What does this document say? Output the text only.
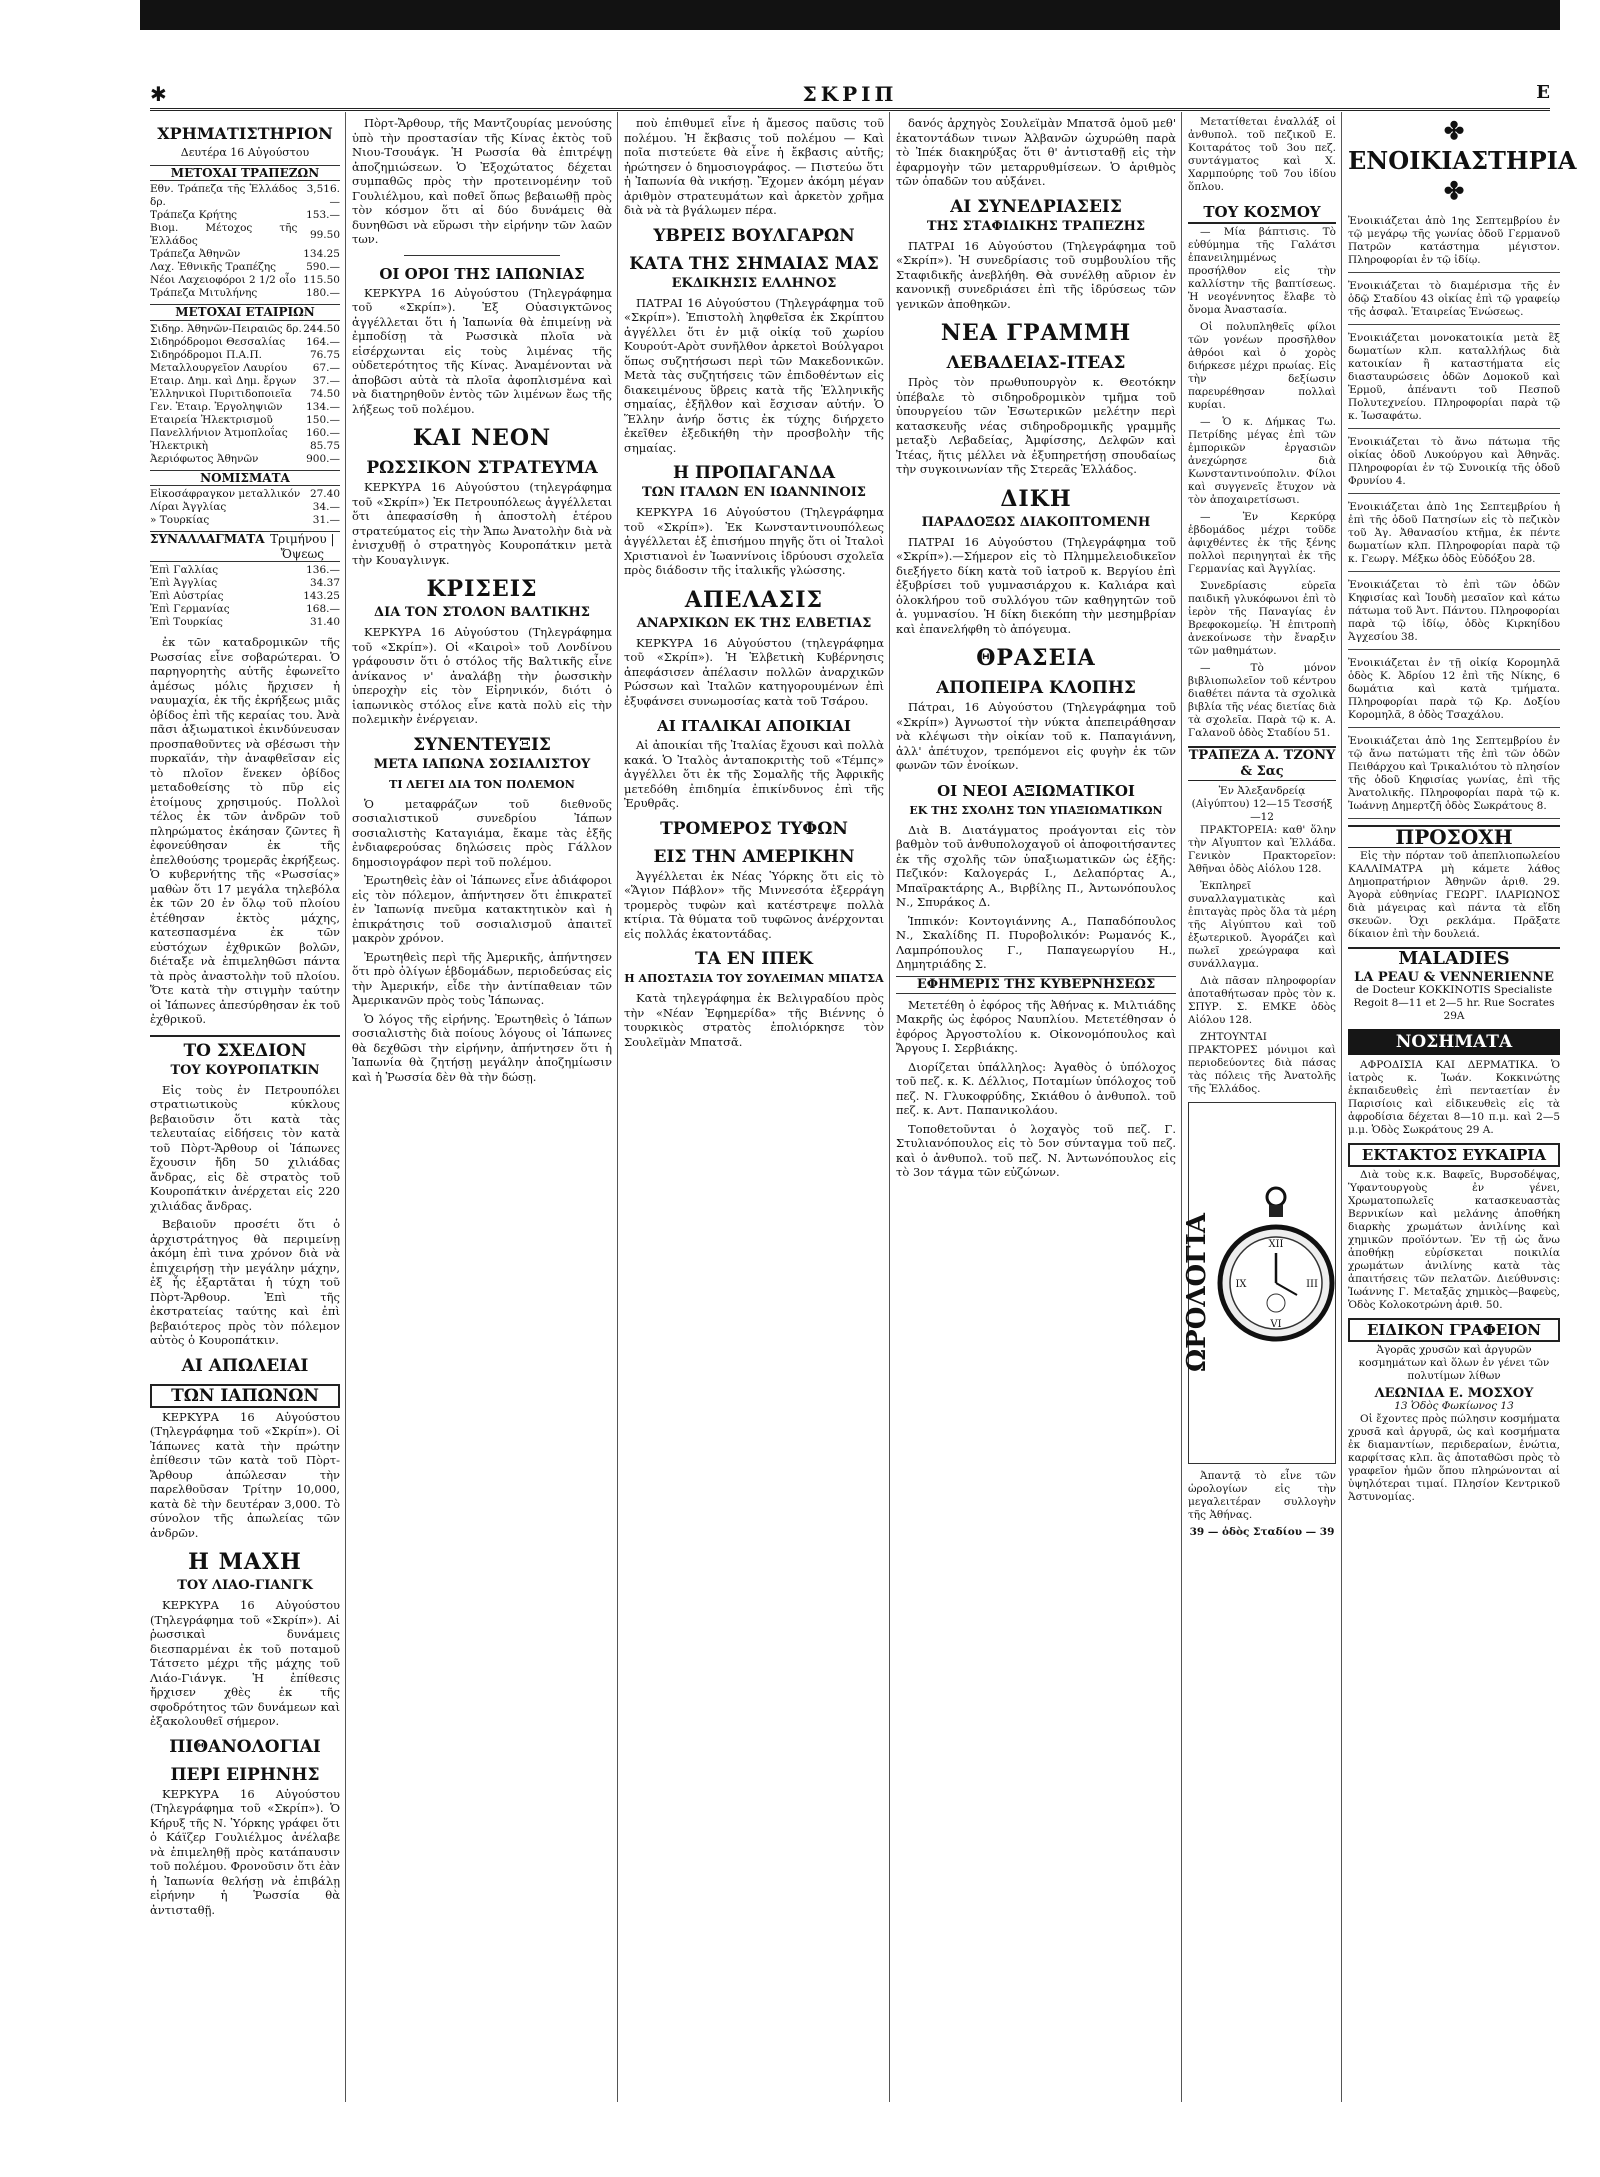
✱	ΣΚΡΙΠ	Ε
ΧΡΗΜΑΤΙΣΤΗΡΙΟΝ
Δευτέρα 16 Αὐγούστου
ΜΕΤΟΧΑΙ ΤΡΑΠΕΖΩΝ
Εθν. Τράπεζα τῆς Ἑλλάδος δρ.	3,516.—
Τράπεζα Κρήτης	153.—
Βιομ. Μέτοχος τῆς Ἑλλάδος	99.50
Τράπεζα Ἀθηνῶν	134.25
Λαχ. Ἐθνικῆς Τραπέζης	590.—
Νέοι Λαχειοφόροι 2 1/2 οἷο	115.50
Τράπεζα Μιτυλήνης	180.—
ΜΕΤΟΧΑΙ ΕΤΑΙΡΙΩΝ
Σιδηρ. Ἀθηνῶν-Πειραιῶς δρ.	244.50
Σιδηρόδρομοι Θεσσαλίας	164.—
Σιδηρόδρομοι Π.Α.Π.	76.75
Μεταλλουργεῖον Λαυρίου	67.—
Εταιρ. Δημ. καὶ Δημ. ἔργων	37.—
Ἑλληνικοὶ Πυριτιδοποιεῖα	74.50
Γεν. Ἑταιρ. Ἐργοληψιῶν	134.—
Εταιρεία Ἠλεκτρισμοῦ	150.—
Πανελλήνιον Ἀτμοπλοΐας	160.—
Ἠλεκτρικὴ	85.75
Ἀεριόφωτος Ἀθηνῶν	900.—
ΝΟΜΙΣΜΑΤΑ
Εἰκοσάφραγκον μεταλλικόν	27.40
Λίραι Ἀγγλίας	34.—
» Τουρκίας	31.—
ΣΥΝΑΛΛΑΓΜΑΤΑ Τριμήνου | Ὄψεως
Ἐπὶ Γαλλίας	136.—
Ἐπὶ Ἀγγλίας	34.37
Ἐπὶ Αὐστρίας	143.25
Ἐπὶ Γερμανίας	168.—
Ἐπὶ Τουρκίας	31.40

ἐκ τῶν καταδρομικῶν τῆς Ρωσσίας εἶνε σοβαρώτεραι. Ὁ παρηγορητὴς αὐτῆς ἐφωνεῖτο ἀμέσως μόλις ἤρχισεν ἡ ναυμαχία, ἐκ τῆς ἐκρήξεως μιᾶς ὀβίδος ἐπὶ τῆς κεραίας του. Ἀνὰ πᾶσι ἀξιωματικοὶ ἐκινδύνευσαν προσπαθοῦντες νὰ σβέσωσι τὴν πυρκαϊάν, τὴν ἀναφθεῖσαν εἰς τὸ πλοῖον ἕνεκεν ὀβίδος μεταδοθείσης τὸ πῦρ εἰς ἑτοίμους χρησιμούς. Πολλοὶ τέλος ἐκ τῶν ἀνδρῶν τοῦ πληρώματος ἐκάησαν ζῶντες ἢ ἐφονεύθησαν ἐκ τῆς ἐπελθούσης τρομερᾶς ἐκρήξεως. Ὁ κυβερνήτης τῆς «Ρωσσίας» μαθὼν ὅτι 17 μεγάλα τηλεβόλα ἐκ τῶν 20 ἐν ὅλῳ τοῦ πλοίου ἐτέθησαν ἐκτὸς μάχης, κατεσπασμένα ἐκ τῶν εὐστόχων ἐχθρικῶν βολῶν, διέταξε νὰ ἐπιμεληθῶσι πάντα τὰ πρὸς ἀναστολὴν τοῦ πλοίου. Ὅτε κατὰ τὴν στιγμὴν ταύτην οἱ Ἰάπωνες ἀπεσύρθησαν ἐκ τοῦ ἐχθρικοῦ.

ΤΟ ΣΧΕΔΙΟΝ
ΤΟΥ ΚΟΥΡΟΠΑΤΚΙΝ

Εἰς τοὺς ἐν Πετρουπόλει στρατιωτικοὺς κύκλους βεβαιοῦσιν ὅτι κατὰ τὰς τελευταίας εἰδήσεις τὸν κατὰ τοῦ Πὸρτ-Ἄρθουρ οἱ Ἰάπωνες ἔχουσιν ἤδη 50 χιλιάδας ἄνδρας, εἰς δὲ στρατὸς τοῦ Κουροπάτκιν ἀνέρχεται εἰς 220 χιλιάδας ἄνδρας.

Βεβαιοῦν προσέτι ὅτι ὁ ἀρχιστράτηγος θὰ περιμείνῃ ἀκόμη ἐπὶ τινα χρόνον διὰ νὰ ἐπιχειρήσῃ τὴν μεγάλην μάχην, ἐξ ἧς ἐξαρτᾶται ἡ τύχη τοῦ Πὸρτ-Ἄρθουρ. Ἐπὶ τῆς ἐκστρατείας ταύτης καὶ ἐπὶ βεβαιότερος πρὸς τὸν πόλεμον αὐτὸς ὁ Κουροπάτκιν.

ΑΙ ΑΠΩΛΕΙΑΙ
ΤΩΝ ΙΑΠΩΝΩΝ

ΚΕΡΚΥΡΑ 16 Αὐγούστου (Τηλεγράφημα τοῦ «Σκρίπ»). Οἱ Ἰάπωνες κατὰ τὴν πρώτην ἐπίθεσιν τῶν κατὰ τοῦ Πὸρτ-Ἄρθουρ ἀπώλεσαν τὴν παρελθοῦσαν Τρίτην 10,000, κατὰ δὲ τὴν δευτέραν 3,000. Τὸ σύνολον τῆς ἀπωλείας τῶν ἀνδρῶν.

Η ΜΑΧΗ
ΤΟΥ ΛΙΑΟ-ΓΙΑΝΓΚ

ΚΕΡΚΥΡΑ 16 Αὐγούστου (Τηλεγράφημα τοῦ «Σκρίπ»). Αἱ ῥωσσικαὶ δυνάμεις διεσπαρμέναι ἐκ τοῦ ποταμοῦ Τάτσετο μέχρι τῆς μάχης τοῦ Λιάο-Γιάνγκ. Ἡ ἐπίθεσις ἤρχισεν χθὲς ἐκ τῆς σφοδρότητος τῶν δυνάμεων καὶ ἐξακολουθεῖ σήμερον.

ΠΙΘΑΝΟΛΟΓΙΑΙ
ΠΕΡΙ ΕΙΡΗΝΗΣ

ΚΕΡΚΥΡΑ 16 Αὐγούστου (Τηλεγράφημα τοῦ «Σκρίπ»). Ὁ Κήρυξ τῆς Ν. Ὑόρκης γράφει ὅτι ὁ Κάϊζερ Γουλιέλμος ἀνέλαβε νὰ ἐπιμεληθῇ πρὸς κατάπαυσιν τοῦ πολέμου. Φρονοῦσιν ὅτι ἐὰν ἡ Ἰαπωνία θελήσῃ νὰ ἐπιβάλῃ εἰρήνην ἡ Ῥωσσία θὰ ἀντισταθῇ.

Πὸρτ-Ἄρθουρ, τῆς Μαντζουρίας μενούσης ὑπὸ τὴν προστασίαν τῆς Κίνας ἐκτὸς τοῦ Νιου-Τσουάγκ. Ἡ Ρωσσία θὰ ἐπιτρέψῃ ἀποζημιώσεων. Ὁ Ἐξοχώτατος δέχεται συμπαθῶς πρὸς τὴν προτεινομένην τοῦ Γουλιέλμου, καὶ ποθεῖ ὅπως βεβαιωθῇ πρὸς τὸν κόσμον ὅτι αἱ δύο δυνάμεις θὰ δυνηθῶσι νὰ εὕρωσι τὴν εἰρήνην τῶν λαῶν των.

ΟΙ ΟΡΟΙ ΤΗΣ ΙΑΠΩΝΙΑΣ

ΚΕΡΚΥΡΑ 16 Αὐγούστου (Τηλεγράφημα τοῦ «Σκρίπ»). Ἐξ Οὐασιγκτῶνος ἀγγέλλεται ὅτι ἡ Ἰαπωνία θὰ ἐπιμείνῃ νὰ ἐμποδίσῃ τὰ Ρωσσικὰ πλοῖα νὰ εἰσέρχωνται εἰς τοὺς λιμένας τῆς οὐδετερότητος τῆς Κίνας. Ἀναμένονται νὰ ἀποβῶσι αὐτὰ τὰ πλοῖα ἀφοπλισμένα καὶ νὰ διατηρηθοῦν ἐντὸς τῶν λιμένων ἕως τῆς λήξεως τοῦ πολέμου.

ΚΑΙ ΝΕΟΝ
ΡΩΣΣΙΚΟΝ ΣΤΡΑΤΕΥΜΑ

ΚΕΡΚΥΡΑ 16 Αὐγούστου (τηλεγράφημα τοῦ «Σκρίπ») Ἐκ Πετρουπόλεως ἀγγέλλεται ὅτι ἀπεφασίσθη ἡ ἀποστολὴ ἑτέρου στρατεύματος εἰς τὴν Ἄπω Ἀνατολὴν διὰ νὰ ἐνισχυθῇ ὁ στρατηγὸς Κουροπάτκιν μετὰ τὴν Κουαγλινγκ.

ΚΡΙΣΕΙΣ
ΔΙΑ ΤΟΝ ΣΤΟΛΟΝ ΒΑΛΤΙΚΗΣ

ΚΕΡΚΥΡΑ 16 Αὐγούστου (Τηλεγράφημα τοῦ «Σκρίπ»). Οἱ «Καιροὶ» τοῦ Λονδίνου γράφουσιν ὅτι ὁ στόλος τῆς Βαλτικῆς εἶνε ἀνίκανος ν' ἀναλάβῃ τὴν ῥωσσικὴν ὑπεροχὴν εἰς τὸν Εἰρηνικόν, διότι ὁ ἰαπωνικὸς στόλος εἶνε κατὰ πολὺ εἰς τὴν πολεμικὴν ἐνέργειαν.

ΣΥΝΕΝΤΕΥΞΙΣ
ΜΕΤΑ ΙΑΠΩΝΑ ΣΟΣΙΑΛΙΣΤΟΥ
ΤΙ ΛΕΓΕΙ ΔΙΑ ΤΟΝ ΠΟΛΕΜΟΝ

Ὁ μεταφράζων τοῦ διεθνοῦς σοσιαλιστικοῦ συνεδρίου Ἰάπων σοσιαλιστὴς Καταγιάμα, ἔκαμε τὰς ἑξῆς ἐνδιαφερούσας δηλώσεις πρὸς Γάλλον δημοσιογράφον περὶ τοῦ πολέμου.

Ἐρωτηθεὶς ἐὰν οἱ Ἰάπωνες εἶνε ἀδιάφοροι εἰς τὸν πόλεμον, ἀπήντησεν ὅτι ἐπικρατεῖ ἐν Ἰαπωνίᾳ πνεῦμα κατακτητικὸν καὶ ἡ ἐπικράτησις τοῦ σοσιαλισμοῦ ἀπαιτεῖ μακρὸν χρόνον.

Ἐρωτηθεὶς περὶ τῆς Ἀμερικῆς, ἀπήντησεν ὅτι πρὸ ὀλίγων ἑβδομάδων, περιοδεύσας εἰς τὴν Ἀμερικήν, εἶδε τὴν ἀντίπαθειαν τῶν Ἀμερικανῶν πρὸς τοὺς Ἰάπωνας.

Ὁ λόγος τῆς εἰρήνης. Ἐρωτηθεὶς ὁ Ἰάπων σοσιαλιστὴς διὰ ποίους λόγους οἱ Ἰάπωνες θὰ δεχθῶσι τὴν εἰρήνην, ἀπήντησεν ὅτι ἡ Ἰαπωνία θὰ ζητήσῃ μεγάλην ἀποζημίωσιν καὶ ἡ Ῥωσσία δὲν θὰ τὴν δώσῃ.

ποὺ ἐπιθυμεῖ εἶνε ἡ ἄμεσος παῦσις τοῦ πολέμου. Ἡ ἔκβασις τοῦ πολέμου — Καὶ ποῖα πιστεύετε θὰ εἶνε ἡ ἔκβασις αὐτῆς; ἠρώτησεν ὁ δημοσιογράφος. — Πιστεύω ὅτι ἡ Ἰαπωνία θὰ νικήσῃ. Ἔχομεν ἀκόμη μέγαν ἀριθμὸν στρατευμάτων καὶ ἀρκετὸν χρῆμα διὰ νὰ τὰ βγάλωμεν πέρα.

ΥΒΡΕΙΣ ΒΟΥΛΓΑΡΩΝ
ΚΑΤΑ ΤΗΣ ΣΗΜΑΙΑΣ ΜΑΣ
ΕΚΔΙΚΗΣΙΣ ΕΛΛΗΝΟΣ

ΠΑΤΡΑΙ 16 Αὐγούστου (Τηλεγράφημα τοῦ «Σκρίπ»). Ἐπιστολὴ ληφθεῖσα ἐκ Σκρίπτου ἀγγέλλει ὅτι ἐν μιᾷ οἰκίᾳ τοῦ χωρίου Κουρούτ-Αρὸτ συνῆλθον ἀρκετοὶ Βούλγαροι ὅπως συζητήσωσι περὶ τῶν Μακεδονικῶν. Μετὰ τὰς συζητήσεις τῶν ἐπιδοθέντων εἰς διακειμένους ὕβρεις κατὰ τῆς Ἑλληνικῆς σημαίας, ἐξῆλθον καὶ ἔσχισαν αὐτήν. Ὁ Ἕλλην ἀνήρ ὅστις ἐκ τύχης διήρχετο ἐκεῖθεν ἐξεδικήθη τὴν προσβολὴν τῆς σημαίας.

Η ΠΡΟΠΑΓΑΝΔΑ
ΤΩΝ ΙΤΑΛΩΝ ΕΝ ΙΩΑΝΝΙΝΟΙΣ

ΚΕΡΚΥΡΑ 16 Αὐγούστου (Τηλεγράφημα τοῦ «Σκρίπ»). Ἐκ Κωνσταντινουπόλεως ἀγγέλλεται ἐξ ἐπισήμου πηγῆς ὅτι οἱ Ἰταλοὶ Χριστιανοὶ ἐν Ἰωαννίνοις ἱδρύουσι σχολεῖα πρὸς διάδοσιν τῆς ἰταλικῆς γλώσσης.

ΑΠΕΛΑΣΙΣ
ΑΝΑΡΧΙΚΩΝ ΕΚ ΤΗΣ ΕΛΒΕΤΙΑΣ

ΚΕΡΚΥΡΑ 16 Αὐγούστου (τηλεγράφημα τοῦ «Σκρίπ»). Ἡ Ἑλβετικὴ Κυβέρνησις ἀπεφάσισεν ἀπέλασιν πολλῶν ἀναρχικῶν Ρώσσων καὶ Ἰταλῶν κατηγορουμένων ἐπὶ ἐξυφάνσει συνωμοσίας κατὰ τοῦ Τσάρου.

ΑΙ ΙΤΑΛΙΚΑΙ ΑΠΟΙΚΙΑΙ

Αἱ ἀποικίαι τῆς Ἰταλίας ἔχουσι καὶ πολλὰ κακά. Ὁ Ἰταλὸς ἀνταποκριτὴς τοῦ «Τέμπς» ἀγγέλλει ὅτι ἐκ τῆς Σομαλῆς τῆς Ἀφρικῆς μετεδόθη ἐπιδημία ἐπικίνδυνος ἐπὶ τῆς Ἐρυθρᾶς.

ΤΡΟΜΕΡΟΣ ΤΥΦΩΝ
ΕΙΣ ΤΗΝ ΑΜΕΡΙΚΗΝ

Ἀγγέλλεται ἐκ Νέας Ὑόρκης ὅτι εἰς τὸ «Ἅγιον Πάβλον» τῆς Μιννεσότα ἐξερράγη τρομερὸς τυφὼν καὶ κατέστρεψε πολλὰ κτίρια. Τὰ θύματα τοῦ τυφῶνος ἀνέρχονται εἰς πολλάς ἑκατοντάδας.

ΤΑ ΕΝ ΙΠΕΚ
Η ΑΠΟΣΤΑΣΙΑ ΤΟΥ ΣΟΥΛΕΙΜΑΝ ΜΠΑΤΣΑ

Κατὰ τηλεγράφημα ἐκ Βελιγραδίου πρὸς τὴν «Νέαν Ἐφημερίδα» τῆς Βιέννης ὁ τουρκικὸς στρατὸς ἐπολιόρκησε τὸν Σουλεϊμὰν Μπατσᾶ.

δανός ἀρχηγὸς Σουλεϊμὰν Μπατσᾶ ὁμοῦ μεθ' ἑκατοντάδων τινων Ἀλβανῶν ὠχυρώθη παρὰ τὸ Ἰπέκ διακηρύξας ὅτι θ' ἀντισταθῇ εἰς τὴν ἐφαρμογὴν τῶν μεταρρυθμίσεων. Ὁ ἀριθμὸς τῶν ὀπαδῶν του αὐξάνει.

ΑΙ ΣΥΝΕΔΡΙΑΣΕΙΣ
ΤΗΣ ΣΤΑΦΙΔΙΚΗΣ ΤΡΑΠΕΖΗΣ

ΠΑΤΡΑΙ 16 Αὐγούστου (Τηλεγράφημα τοῦ «Σκρίπ»). Ἡ συνεδρίασις τοῦ συμβουλίου τῆς Σταφιδικῆς ἀνεβλήθη. Θὰ συνέλθῃ αὔριον ἐν κανονικῇ συνεδριάσει ἐπὶ τῆς ἱδρύσεως τῶν γενικῶν ἀποθηκῶν.

ΝΕΑ ΓΡΑΜΜΗ
ΛΕΒΑΔΕΙΑΣ-ΙΤΕΑΣ

Πρὸς τὸν πρωθυπουργὸν κ. Θεοτόκην ὑπέβαλε τὸ σιδηροδρομικὸν τμῆμα τοῦ ὑπουργείου τῶν Ἐσωτερικῶν μελέτην περὶ κατασκευῆς νέας σιδηροδρομικῆς γραμμῆς μεταξὺ Λεβαδείας, Ἀμφίσσης, Δελφῶν καὶ Ἰτέας, ἥτις μέλλει νὰ ἐξυπηρετήσῃ σπουδαίως τὴν συγκοινωνίαν τῆς Στερεᾶς Ἑλλάδος.

ΔΙΚΗ
ΠΑΡΑΔΟΞΩΣ ΔΙΑΚΟΠΤΟΜΕΝΗ

ΠΑΤΡΑΙ 16 Αὐγούστου (Τηλεγράφημα τοῦ «Σκρίπ»).—Σήμερον εἰς τὸ Πλημμελειοδικεῖον διεξήγετο δίκη κατὰ τοῦ ἰατροῦ κ. Βεργίου ἐπὶ ἐξυβρίσει τοῦ γυμνασιάρχου κ. Καλιάρα καὶ ὁλοκλήρου τοῦ συλλόγου τῶν καθηγητῶν τοῦ ἀ. γυμνασίου. Ἡ δίκη διεκόπη τὴν μεσημβρίαν καὶ ἐπανελήφθη τὸ ἀπόγευμα.

ΘΡΑΣΕΙΑ
ΑΠΟΠΕΙΡΑ ΚΛΟΠΗΣ

Πάτραι, 16 Αὐγούστου (Τηλεγράφημα τοῦ «Σκρίπ») Ἀγνωστοί τὴν νύκτα ἀπεπειράθησαν νὰ κλέψωσι τὴν οἰκίαν τοῦ κ. Παπαγιάννη, ἀλλ' ἀπέτυχον, τρεπόμενοι εἰς φυγὴν ἐκ τῶν φωνῶν τῶν ἐνοίκων.

ΟΙ ΝΕΟΙ ΑΞΙΩΜΑΤΙΚΟΙ
ΕΚ ΤΗΣ ΣΧΟΛΗΣ ΤΩΝ ΥΠΑΞΙΩΜΑΤΙΚΩΝ

Διὰ Β. Διατάγματος προάγονται εἰς τὸν βαθμὸν τοῦ ἀνθυπολοχαγοῦ οἱ ἀποφοιτήσαντες ἐκ τῆς σχολῆς τῶν ὑπαξιωματικῶν ὡς ἑξῆς: Πεζικόν: Καλογεράς Ι., Δελαπόρτας Α., Μπαϊρακτάρης Α., Βιρβίλης Π., Ἀντωνόπουλος Ν., Σπυράκος Δ.

Ἱππικόν: Κοντογιάννης Α., Παπαδόπουλος Ν., Σκαλίδης Π. Πυροβολικόν: Ρωμανός Κ., Λαμπρόπουλος Γ., Παπαγεωργίου Η., Δημητριάδης Σ.

ΕΦΗΜΕΡΙΣ ΤΗΣ ΚΥΒΕΡΝΗΣΕΩΣ

Μετετέθη ὁ ἐφόρος τῆς Ἀθήνας κ. Μιλτιάδης Μακρῆς ὡς ἐφόρος Ναυπλίου. Μετετέθησαν ὁ ἐφόρος Ἀργοστολίου κ. Οἰκονομόπουλος καὶ Ἄργους Ι. Σερβιάκης.

Διορίζεται ὑπάλληλος: Ἀγαθὸς ὁ ὑπόλοχος τοῦ πεζ. κ. Κ. Δέλλιος, Ποταμίων ὑπόλοχος τοῦ πεζ. Ν. Γλυκοφρύδης, Σκιάθου ὁ ἀνθυπολ. τοῦ πεζ. κ. Αντ. Παπανικολάου.

Τοποθετοῦνται ὁ λοχαγὸς τοῦ πεζ. Γ. Στυλιανόπουλος εἰς τὸ 5ον σύνταγμα τοῦ πεζ. καὶ ὁ ἀνθυπολ. τοῦ πεζ. Ν. Ἀντωνόπουλος εἰς τὸ 3ον τάγμα τῶν εὐζώνων.

Μετατίθεται ἐναλλάξ οἱ ἀνθυπολ. τοῦ πεζικοῦ Ε. Κοιταράτος τοῦ 3ου πεζ. συντάγματος καὶ Χ. Χαρμπούρης τοῦ 7ου ἰδίου ὅπλου.

ΤΟΥ ΚΟΣΜΟΥ

— Μία βάπτισις. Τὸ εὐθύμημα τῆς Γαλάτσι ἐπανειλημμένως προσήλθον εἰς τὴν καλλίστην τῆς βαπτίσεως. Ἡ νεογέννητος ἔλαβε τὸ ὄνομα Ἀναστασία.

Οἱ πολυπληθεῖς φίλοι τῶν γονέων προσῆλθον ἀθρόοι καὶ ὁ χορὸς διήρκεσε μέχρι πρωίας. Εἰς τὴν δεξίωσιν παρευρέθησαν πολλαὶ κυρίαι.

— Ὁ κ. Δήμκας Τω. Πετρίδης μέγας ἐπὶ τῶν ἐμπορικῶν ἐργασιῶν ἀνεχώρησε διὰ Κωνσταντινούπολιν. Φίλοι καὶ συγγενεῖς ἔτυχον νὰ τὸν ἀποχαιρετίσωσι.

— Ἐν Κερκύρᾳ ἑβδομάδος μέχρι τοῦδε ἀφιχθέντες ἐκ τῆς ξένης πολλοὶ περιηγηταὶ ἐκ τῆς Γερμανίας καὶ Ἀγγλίας.

Συνεδρίασις εὐρεῖα παιδικῆ γλυκόφωνοι ἐπὶ τὸ ἱερὸν τῆς Παναγίας ἐν Βρεφοκομείῳ. Ἡ ἐπιτροπὴ ἀνεκοίνωσε τὴν ἔναρξιν τῶν μαθημάτων.

— Τὸ μόνον βιβλιοπωλεῖον τοῦ κέντρου διαθέτει πάντα τὰ σχολικὰ βιβλία τῆς νέας διετίας διὰ τὰ σχολεῖα. Παρὰ τῷ κ. Α. Γαλανοῦ ὁδὸς Σταδίου 51.

ΤΡΑΠΕΖΑ Α. ΤΖΟΝΥ & Σας
Ἐν Ἀλεξανδρείᾳ (Αἰγύπτου) 12—15 Τεσσήξ—12

ΠΡΑΚΤΟΡΕΙΑ: καθ' ὅλην τὴν Αἴγυπτον καὶ Ἑλλάδα. Γενικὸν Πρακτορεῖον: Ἀθῆναι ὁδὸς Αἰόλου 128.

Ἐκπληρεῖ συναλλαγματικὰς καὶ ἐπιταγὰς πρὸς ὅλα τὰ μέρη τῆς Αἰγύπτου καὶ τοῦ ἐξωτερικοῦ. Ἀγοράζει καὶ πωλεῖ χρεώγραφα καὶ συνάλλαγμα.

Διὰ πᾶσαν πληροφορίαν ἀποταθήτωσαν πρὸς τὸν κ. ΣΠΥΡ. Σ. ΕΜΚΕ ὁδὸς Αἰόλου 128.

ΖΗΤΟΥΝΤΑΙ ΠΡΑΚΤΟΡΕΣ μόνιμοι καὶ περιοδεύοντες διὰ πάσας τὰς πόλεις τῆς Ἀνατολῆς τῆς Ἑλλάδος.

ΩΡΟΛΟΓΙΑ	XII
III
VI
IX

Ἀπαντᾷ τὸ εἶνε τῶν ὡρολογίων εἰς τὴν μεγαλειτέραν συλλογὴν τῆς Ἀθήνας.

39 — ὁδὸς Σταδίου — 39
✤ ΕΝΟΙΚΙΑΣΤΗΡΙΑ ✤
Ἐνοικιάζεται ἀπὸ 1ης Σεπτεμβρίου ἐν τῷ μεγάρῳ τῆς γωνίας ὁδοῦ Γερμανοῦ Πατρῶν κατάστημα μέγιστον. Πληροφορίαι ἐν τῷ ἰδίῳ.
Ἐνοικιάζεται τὸ διαμέρισμα τῆς ἐν ὁδῷ Σταδίου 43 οἰκίας ἐπὶ τῷ γραφείῳ τῆς ἀσφαλ. Ἑταιρείας Ἑνώσεως.
Ἐνοικιάζεται μονοκατοικία μετὰ ἓξ δωματίων κλπ. καταλλήλως διὰ κατοικίαν ἢ καταστήματα εἰς διασταυρώσεις ὁδῶν Δομοκοῦ καὶ Ἑρμοῦ, ἀπέναντι τοῦ Πεσποῦ Πολυτεχνείου. Πληροφορίαι παρὰ τῷ κ. Ἰωσαφάτω.
Ἐνοικιάζεται τὸ ἄνω πάτωμα τῆς οἰκίας ὁδοῦ Λυκούργου καὶ Ἀθηνᾶς. Πληροφορίαι ἐν τῷ Συνοικίᾳ τῆς ὁδοῦ Φρυνίου 4.
Ἐνοικιάζεται ἀπὸ 1ης Σεπτεμβρίου ἡ ἐπὶ τῆς ὁδοῦ Πατησίων εἰς τὸ πεζικὸν τοῦ Ἀγ. Ἀθανασίου κτῆμα, ἐκ πέντε δωματίων κλπ. Πληροφορίαι παρὰ τῷ κ. Γεωργ. Μέξκω ὁδὸς Εὐδόξου 28.
Ἐνοικιάζεται τὸ ἐπὶ τῶν ὁδῶν Κηφισίας καὶ Ἰουδὴ μεσαῖον καὶ κάτω πάτωμα τοῦ Ἀντ. Πάντου. Πληροφορίαι παρὰ τῷ ἰδίῳ, ὁδὸς Κιρκηίδου Ἀγχεσίου 38.
Ἐνοικιάζεται ἐν τῇ οἰκίᾳ Κορομηλᾶ ὁδὸς Κ. Ἀδρίου 12 ἐπὶ τῆς Νίκης, 6 δωμάτια καὶ κατὰ τμήματα. Πληροφορίαι παρὰ τῷ Κρ. Δοξίου Κορομηλᾶ, 8 ὁδὸς Τσαχάλου.
Ἐνοικιάζεται ἀπὸ 1ης Σεπτεμβρίου ἐν τῷ ἄνω πατώματι τῆς ἐπὶ τῶν ὁδῶν Πειθάρχου καὶ Τρικαλιότου τὸ πλησίον τῆς ὁδοῦ Κηφισίας γωνίας, ἐπὶ τῆς Ἀνατολικῆς. Πληροφορίαι παρὰ τῷ κ. Ἰωάννῃ Δημερτζῆ ὁδὸς Σωκράτους 8.
ΠΡΟΣΟΧΗ

Εἰς τὴν πόρταν τοῦ ἀπεπλιοπωλείου ΚΑΛΛΙΜΑΤΡΑ μὴ κάμετε λάθος Δημοπρατήριον Ἀθηνῶν ἀριθ. 29. Ἀγορὰ εὐθηνίας ΓΕΩΡΓ. ΙΛΑΡΙΩΝΟΣ διὰ μάγειρας καὶ πάντα τὰ εἴδη σκευῶν. Ὀχι ρεκλάμα. Πρᾶξατε δίκαιον ἐπὶ τὴν δουλειά.

MALADIES
LA PEAU & VENNERIENNE
de Docteur KOKKINOTIS Specialiste
Regoit 8—11 et 2—5 hr. Rue Socrates 29A
ΝΟΣΗΜΑΤΑ

ΑΦΡΟΔΙΣΙΑ ΚΑΙ ΔΕΡΜΑΤΙΚΑ. Ὁ ἰατρὸς κ. Ἰωάν. Κοκκινώτης ἐκπαιδευθεὶς ἐπὶ πενταετίαν ἐν Παρισίοις καὶ εἰδικευθεὶς εἰς τὰ ἀφροδίσια δέχεται 8—10 π.μ. καὶ 2—5 μ.μ. Ὁδὸς Σωκράτους 29 Α.

ΕΚΤΑΚΤΟΣ ΕΥΚΑΙΡΙΑ

Διὰ τοὺς κ.κ. Βαφεῖς, Βυρσοδέψας, Ὑφαντουργοὺς ἐν γένει, Χρωματοπωλεῖς κατασκευαστὰς Βερνικίων καὶ μελάνης ἀποθήκη διαρκὴς χρωμάτων ἀνιλίνης καὶ χημικῶν προϊόντων. Ἐν τῇ ὡς ἄνω ἀποθήκῃ εὑρίσκεται ποικιλία χρωμάτων ἀνιλίνης κατὰ τὰς ἀπαιτήσεις τῶν πελατῶν. Διεύθυνσις: Ἰωάννης Γ. Μεταξᾶς χημικὸς—βαφεὺς, Ὁδὸς Κολοκοτρώνη ἀριθ. 50.

ΕΙΔΙΚΟΝ ΓΡΑΦΕΙΟΝ

Ἀγορᾶς χρυσῶν καὶ ἀργυρῶν κοσμημάτων καὶ ὅλων ἐν γένει τῶν πολυτίμων λίθων

ΛΕΩΝΙΔΑ Ε. ΜΟΣΧΟΥ
13 Ὁδὸς Φωκίωνος 13

Οἱ ἔχοντες πρὸς πώλησιν κοσμήματα χρυσᾶ καὶ ἀργυρᾶ, ὡς καὶ κοσμήματα ἐκ διαμαντίων, περιδεραίων, ἐνώτια, καρφίτσας κλπ. ἃς ἀποταθῶσι πρὸς τὸ γραφεῖον ἡμῶν ὅπου πληρώνονται αἱ ὑψηλότεραι τιμαί. Πλησίον Κεντρικοῦ Ἀστυνομίας.
